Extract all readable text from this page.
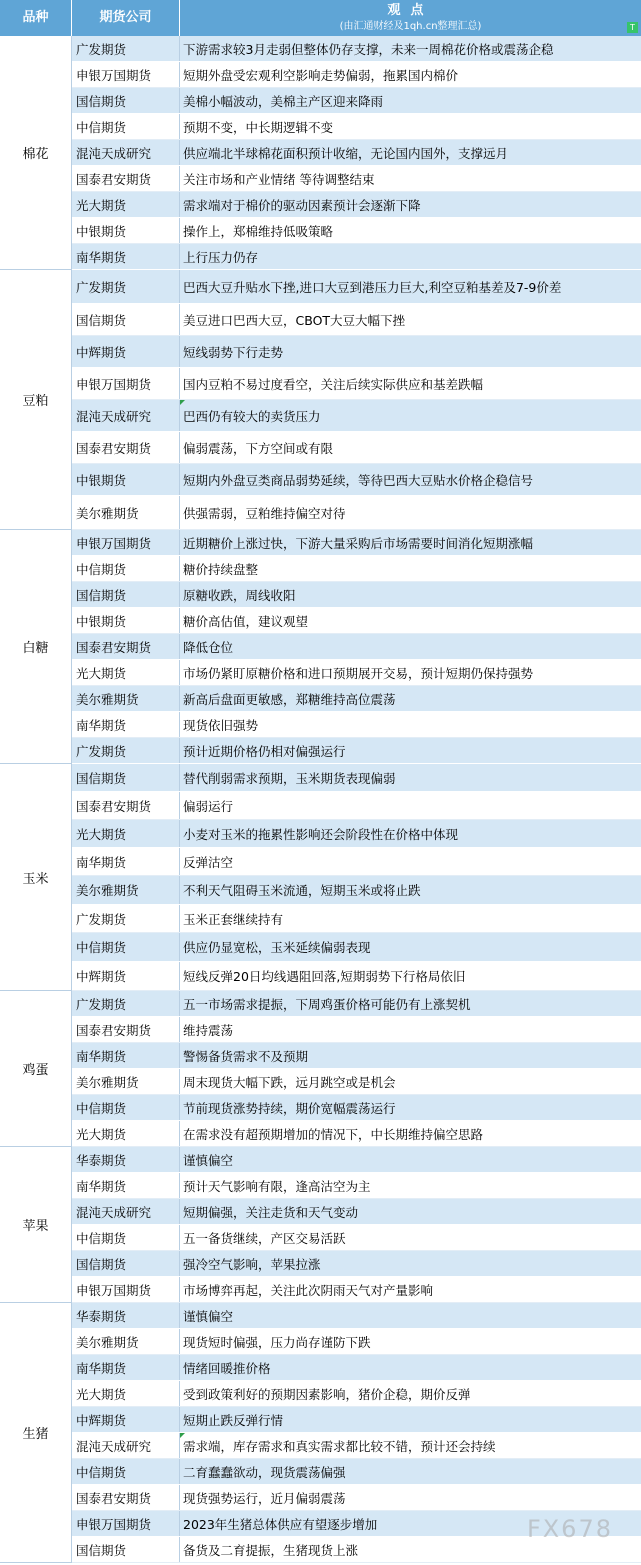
品种	期货公司	观点
(由汇通财经及1qh.cn整理汇总)	T
棉花
广发期货	下游需求较3月走弱但整体仍存支撑，未来一周棉花价格或震荡企稳
申银万国期货	短期外盘受宏观利空影响走势偏弱，拖累国内棉价
国信期货	美棉小幅波动，美棉主产区迎来降雨
中信期货	预期不变，中长期逻辑不变
混沌天成研究	供应端北半球棉花面积预计收缩，无论国内国外，支撑远月
国泰君安期货	关注市场和产业情绪 等待调整结束
光大期货	需求端对于棉价的驱动因素预计会逐渐下降
中银期货	操作上，郑棉维持低吸策略
南华期货	上行压力仍存
豆粕
广发期货	巴西大豆升贴水下挫,进口大豆到港压力巨大,利空豆粕基差及7-9价差
国信期货	美豆进口巴西大豆，CBOT大豆大幅下挫
中辉期货	短线弱势下行走势
申银万国期货	国内豆粕不易过度看空，关注后续实际供应和基差跌幅
混沌天成研究	巴西仍有较大的卖货压力
国泰君安期货	偏弱震荡，下方空间或有限
中银期货	短期内外盘豆类商品弱势延续，等待巴西大豆贴水价格企稳信号
美尔雅期货	供强需弱，豆粕维持偏空对待
白糖
申银万国期货	近期糖价上涨过快，下游大量采购后市场需要时间消化短期涨幅
中信期货	糖价持续盘整
国信期货	原糖收跌，周线收阳
中银期货	糖价高估值，建议观望
国泰君安期货	降低仓位
光大期货	市场仍紧盯原糖价格和进口预期展开交易，预计短期仍保持强势
美尔雅期货	新高后盘面更敏感，郑糖维持高位震荡
南华期货	现货依旧强势
广发期货	预计近期价格仍相对偏强运行
玉米
国信期货	替代削弱需求预期，玉米期货表现偏弱
国泰君安期货	偏弱运行
光大期货	小麦对玉米的拖累性影响还会阶段性在价格中体现
南华期货	反弹沽空
美尔雅期货	不利天气阻碍玉米流通，短期玉米或将止跌
广发期货	玉米正套继续持有
中信期货	供应仍显宽松，玉米延续偏弱表现
中辉期货	短线反弹20日均线遇阻回落,短期弱势下行格局依旧
鸡蛋
广发期货	五一市场需求提振，下周鸡蛋价格可能仍有上涨契机
国泰君安期货	维持震荡
南华期货	警惕备货需求不及预期
美尔雅期货	周末现货大幅下跌，远月跳空或是机会
中信期货	节前现货涨势持续，期价宽幅震荡运行
光大期货	在需求没有超预期增加的情况下，中长期维持偏空思路
苹果
华泰期货	谨慎偏空
南华期货	预计天气影响有限，逢高沽空为主
混沌天成研究	短期偏强，关注走货和天气变动
中信期货	五一备货继续，产区交易活跃
国信期货	强冷空气影响，苹果拉涨
申银万国期货	市场博弈再起，关注此次阴雨天气对产量影响
生猪
华泰期货	谨慎偏空
美尔雅期货	现货短时偏强，压力尚存谨防下跌
南华期货	情绪回暖推价格
光大期货	受到政策利好的预期因素影响，猪价企稳，期价反弹
中辉期货	短期止跌反弹行情
混沌天成研究	需求端，库存需求和真实需求都比较不错，预计还会持续
中信期货	二育蠢蠢欲动，现货震荡偏强
国泰君安期货	现货强势运行，近月偏弱震荡
申银万国期货	2023年生猪总体供应有望逐步增加
国信期货	备货及二育提振，生猪现货上涨
FX678
